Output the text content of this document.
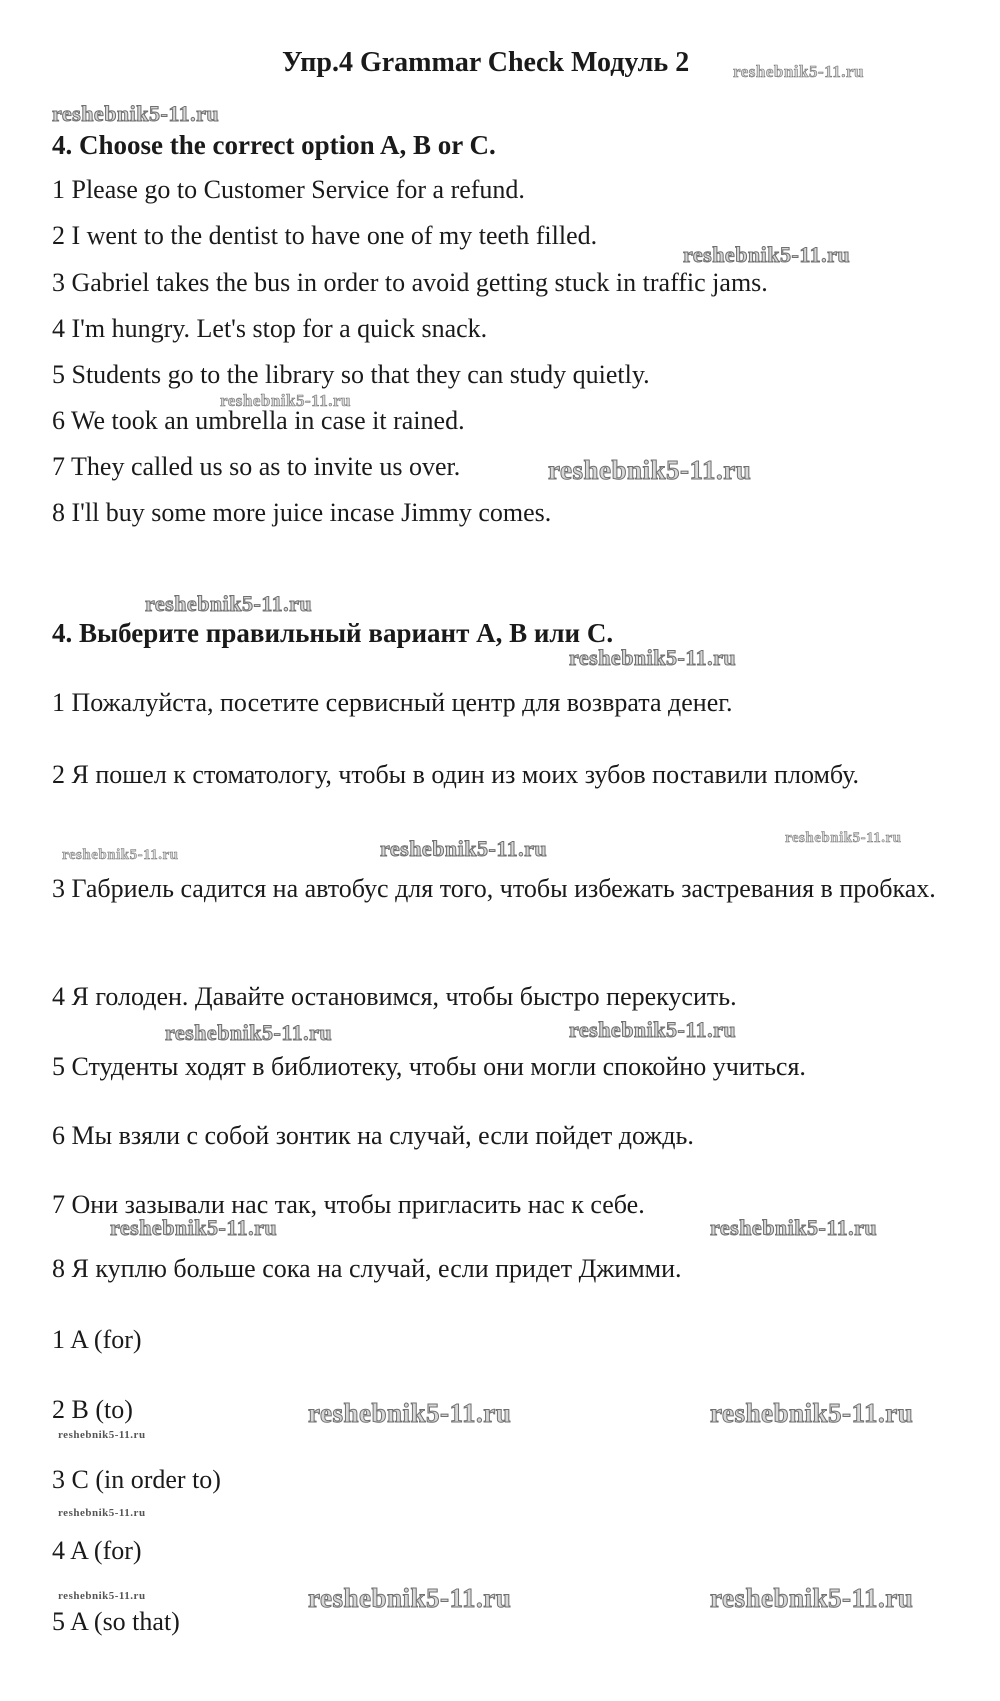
Упр.4 Grammar Check Модуль 2	reshebnik5-11.ru
reshebnik5-11.ru
4. Choose the correct option A, B or C.
1 Please go to Customer Service for a refund.
2 I went to the dentist to have one of my teeth filled.
reshebnik5-11.ru
3 Gabriel takes the bus in order to avoid getting stuck in traffic jams.
4 I'm hungry. Let's stop for a quick snack.
5 Students go to the library so that they can study quietly.
reshebnik5-11.ru
6 We took an umbrella in case it rained.
7 They called us so as to invite us over.	reshebnik5-11.ru
8 I'll buy some more juice incase Jimmy comes.
reshebnik5-11.ru
4. Выберите правильный вариант А, В или С.
reshebnik5-11.ru
1 Пожалуйста, посетите сервисный центр для возврата денег.
2 Я пошел к стоматологу, чтобы в один из моих зубов поставили пломбу.
reshebnik5-11.ru	reshebnik5-11.ru	reshebnik5-11.ru
3 Габриель садится на автобус для того, чтобы избежать застревания в пробках.
4 Я голоден. Давайте остановимся, чтобы быстро перекусить.
reshebnik5-11.ru	reshebnik5-11.ru
5 Студенты ходят в библиотеку, чтобы они могли спокойно учиться.
6 Мы взяли с собой зонтик на случай, если пойдет дождь.
7 Они зазывали нас так, чтобы пригласить нас к себе.
reshebnik5-11.ru	reshebnik5-11.ru
8 Я куплю больше сока на случай, если придет Джимми.
1 A (for)
2 B (to)	reshebnik5-11.ru	reshebnik5-11.ru
reshebnik5-11.ru
3 C (in order to)
reshebnik5-11.ru
4 A (for)
reshebnik5-11.ru	reshebnik5-11.ru	reshebnik5-11.ru
5 A (so that)
